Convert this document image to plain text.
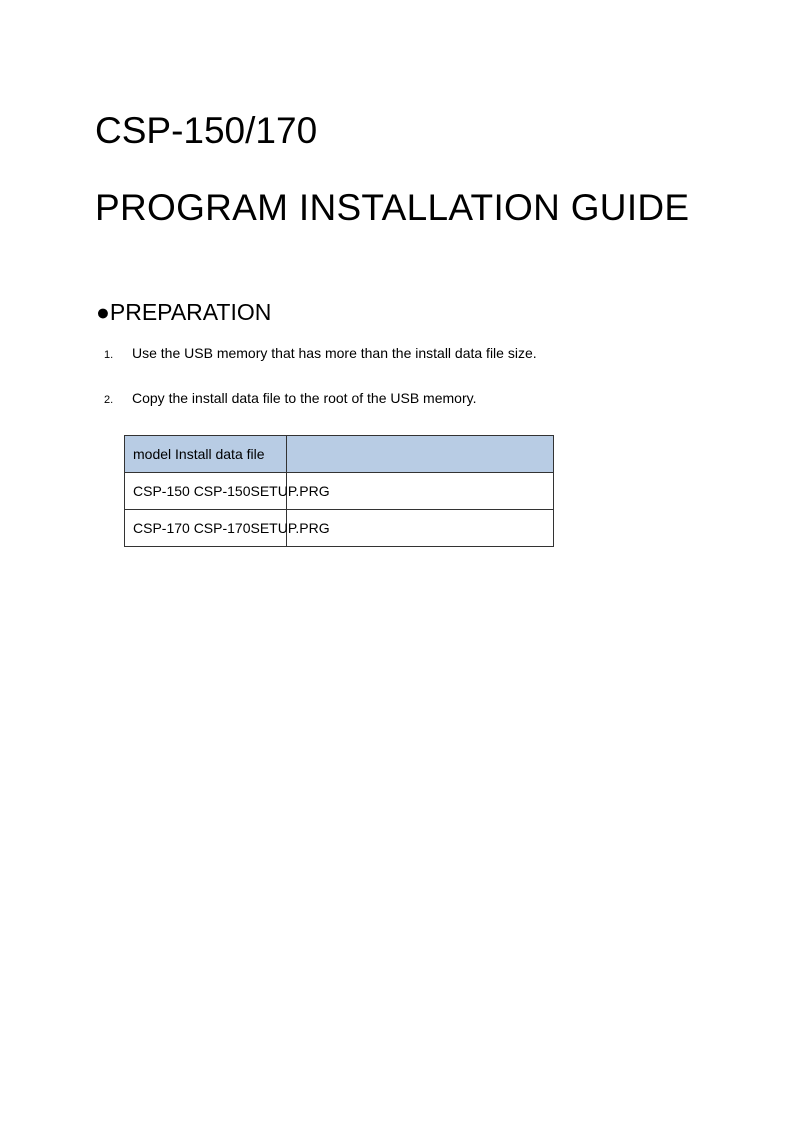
CSP-150/170
PROGRAM INSTALLATION GUIDE
●PREPARATION
1. Use the USB memory that has more than the install data file size.
2. Copy the install data file to the root of the USB memory.
model Install data file	

CSP-150 CSP-150SETUP.PRG	

CSP-170 CSP-170SETUP.PRG	
